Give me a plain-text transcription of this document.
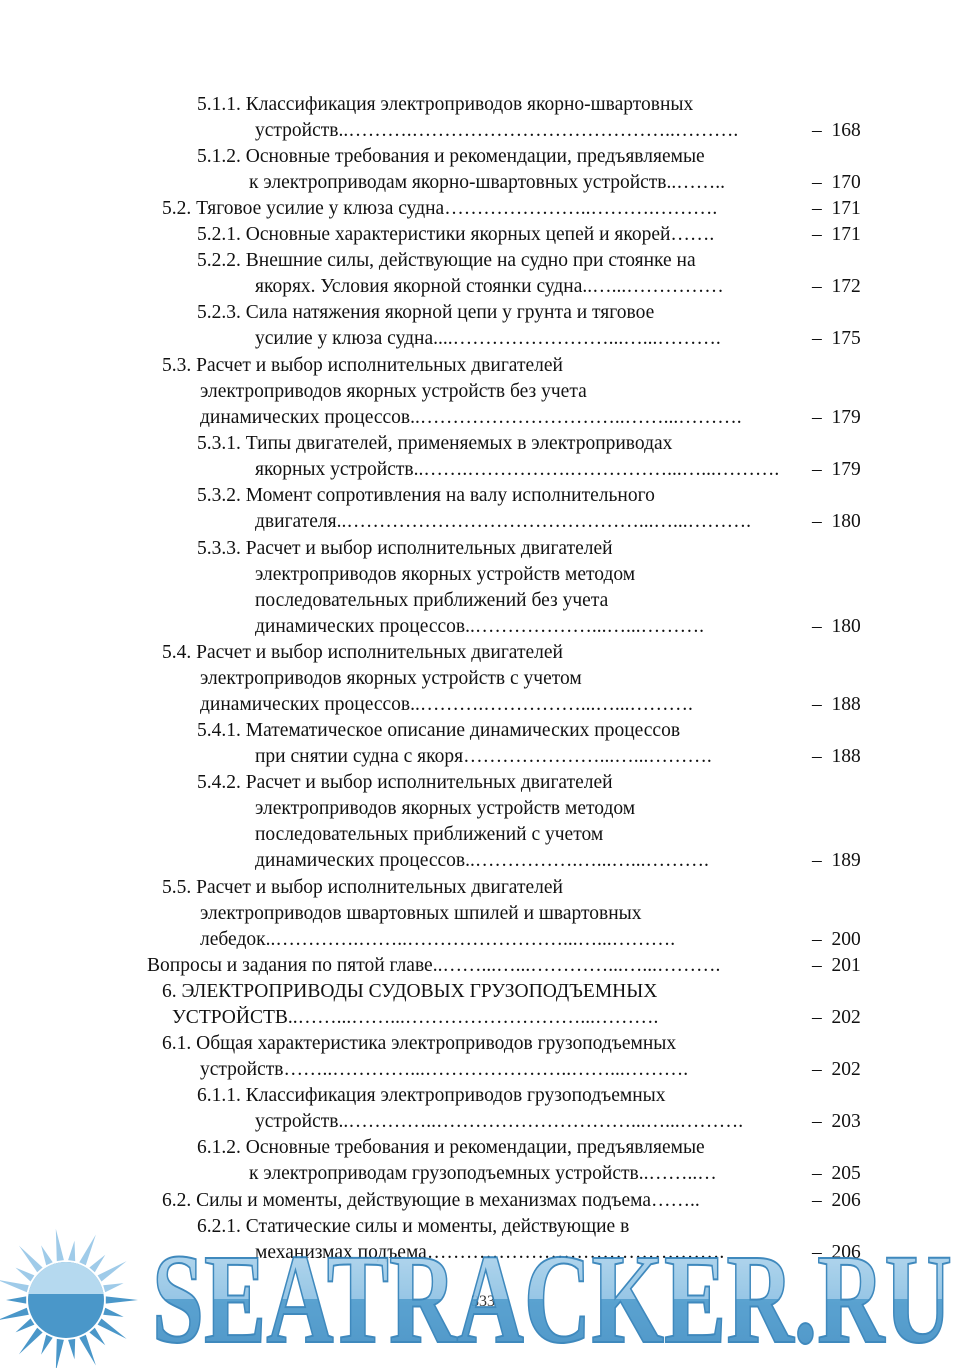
5.1.1. Классификация электроприводов якорно-швартовных
устройств..……….…………………………………..……….	–  168
5.1.2. Основные требования и рекомендации, предъявляемые
к электроприводам якорно-швартовных устройств..……..	–  170
5.2. Тяговое усилие у клюза судна…………………..……….……….	–  171
5.2.1. Основные характеристики якорных цепей и якорей…….	–  171
5.2.2. Внешние силы, действующие на судно при стоянке на
якорях. Условия якорной стоянки судна..…...……………	–  172
5.2.3. Сила натяжения якорной цепи у грунта и тяговое
усилие у клюза судна....……………………...…...……….	–  175
5.3. Расчет и выбор исполнительных двигателей
электроприводов якорных устройств без учета
динамических процессов..…………………………..……...……….	–  179
5.3.1. Типы двигателей, применяемых в электроприводах
якорных устройств..…….…………….……………...…...………. –  179
5.3.2. Момент сопротивления на валу исполнительного
двигателя..………………………………………...…...……….	–  180
5.3.3. Расчет и выбор исполнительных двигателей
электроприводов якорных устройств методом
последовательных приближений без учета
динамических процессов..………………...…...……….	–  180
5.4. Расчет и выбор исполнительных двигателей
электроприводов якорных устройств с учетом
динамических процессов..……….……………...…...……….	–  188
5.4.1. Математическое описание динамических процессов
при снятии судна с якоря…………………...…...……….	–  188
5.4.2. Расчет и выбор исполнительных двигателей
электроприводов якорных устройств методом
последовательных приближений с учетом
динамических процессов..…………….…...…...……….	–  189
5.5. Расчет и выбор исполнительных двигателей
электроприводов швартовных шпилей и швартовных
лебедок..………….……..……………………...…...……….	–  200
Вопросы и задания по пятой главе..……...…...…………...…...……….	–  201
6. ЭЛЕКТРОПРИВОДЫ СУДОВЫХ ГРУЗОПОДЪЕМНЫХ
УСТРОЙСТВ..……...……...………………………...……….	–  202
6.1. Общая характеристика электроприводов грузоподъемных
устройств……..…………...…………………..……...……….	–  202
6.1.1. Классификация электроприводов грузоподъемных
устройств..…………..…………………………...…...……….	–  203
6.1.2. Основные требования и рекомендации, предъявляемые
к электроприводам грузоподъемных устройств..……..…	–  205
6.2. Силы и моменты, действующие в механизмах подъема……..	–  206
6.2.1. Статические силы и моменты, действующие в
механизмах подъема……………………………………….	–  206
333
SEATRACKER.RU
